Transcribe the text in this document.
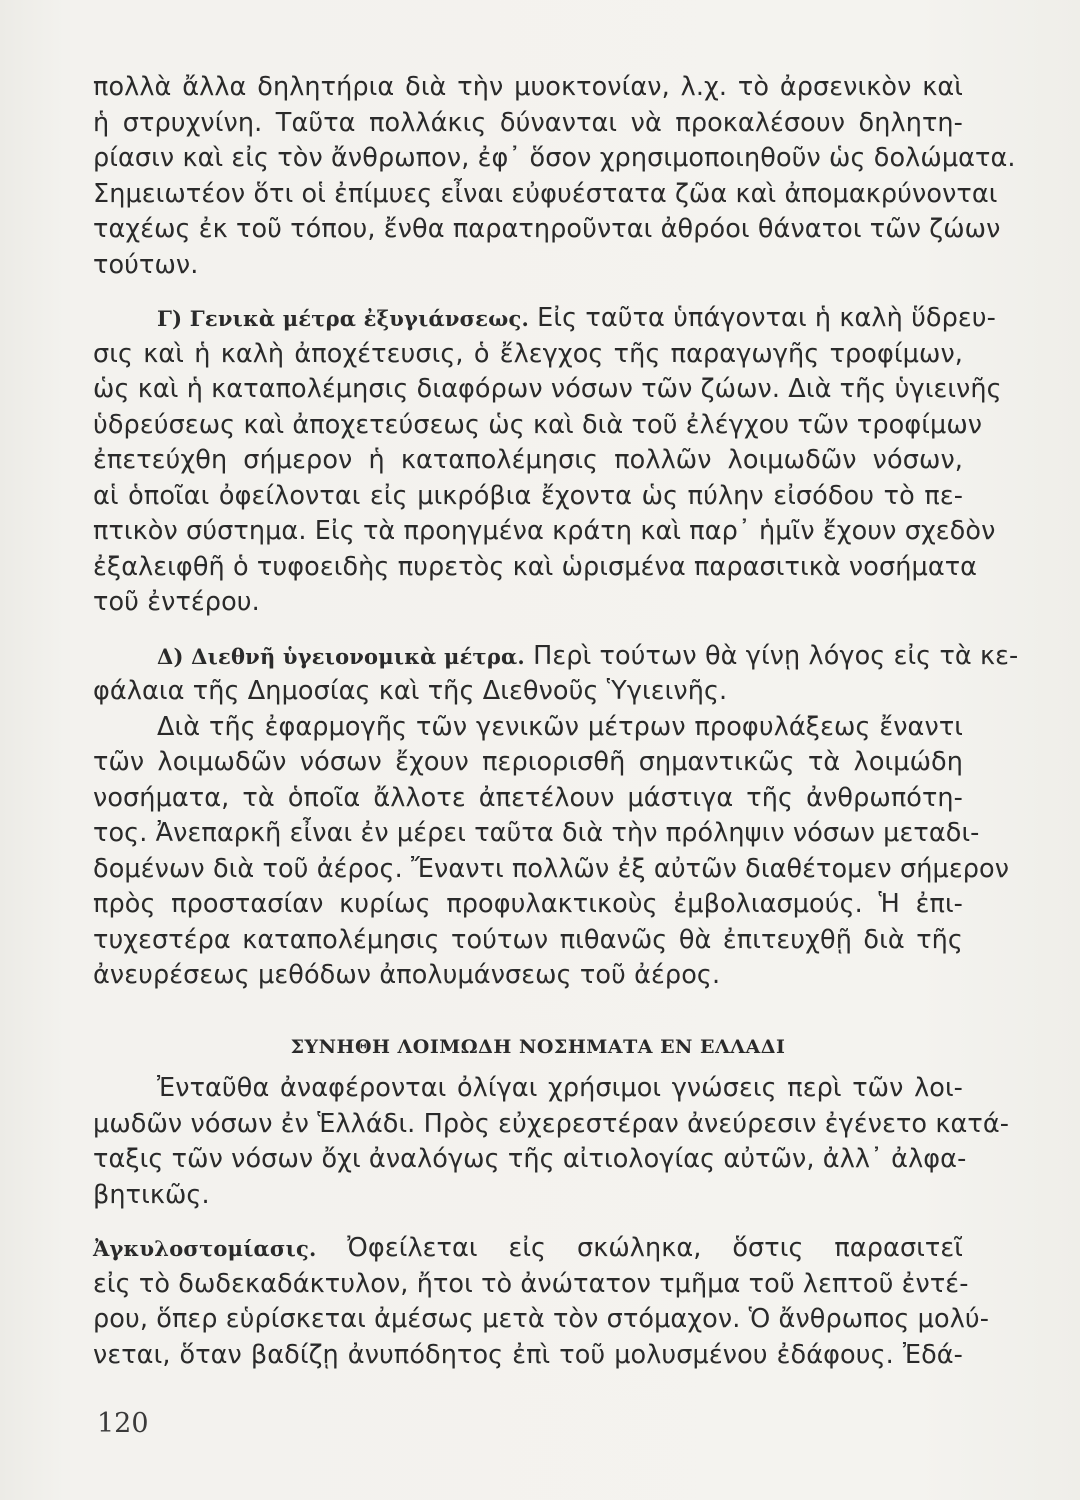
πολλὰ ἄλλα δηλητήρια διὰ τὴν μυοκτονίαν, λ.χ. τὸ ἀρσενικὸν καὶ
ἡ στρυχνίνη. Ταῦτα πολλάκις δύνανται νὰ προκαλέσουν δηλητη-
ρίασιν καὶ εἰς τὸν ἄνθρωπον, ἐφ᾽ ὅσον χρησιμοποιηθοῦν ὡς δολώματα.
Σημειωτέον ὅτι οἱ ἐπίμυες εἶναι εὐφυέστατα ζῶα καὶ ἀπομακρύνονται
ταχέως ἐκ τοῦ τόπου, ἔνθα παρατηροῦνται ἀθρόοι θάνατοι τῶν ζώων
τούτων.
Γ) Γενικὰ μέτρα ἐξυγιάνσεως. Εἰς ταῦτα ὑπάγονται ἡ καλὴ ὕδρευ-
σις καὶ ἡ καλὴ ἀποχέτευσις, ὁ ἔλεγχος τῆς παραγωγῆς τροφίμων,
ὡς καὶ ἡ καταπολέμησις διαφόρων νόσων τῶν ζώων. Διὰ τῆς ὑγιεινῆς
ὑδρεύσεως καὶ ἀποχετεύσεως ὡς καὶ διὰ τοῦ ἐλέγχου τῶν τροφίμων
ἐπετεύχθη σήμερον ἡ καταπολέμησις πολλῶν λοιμωδῶν νόσων,
αἱ ὁποῖαι ὀφείλονται εἰς μικρόβια ἔχοντα ὡς πύλην εἰσόδου τὸ πε-
πτικὸν σύστημα. Εἰς τὰ προηγμένα κράτη καὶ παρ᾽ ἡμῖν ἔχουν σχεδὸν
ἐξαλειφθῆ ὁ τυφοειδὴς πυρετὸς καὶ ὡρισμένα παρασιτικὰ νοσήματα
τοῦ ἐντέρου.
Δ) Διεθνῆ ὑγειονομικὰ μέτρα. Περὶ τούτων θὰ γίνῃ λόγος εἰς τὰ κε-
φάλαια τῆς Δημοσίας καὶ τῆς Διεθνοῦς Ὑγιεινῆς.
Διὰ τῆς ἐφαρμογῆς τῶν γενικῶν μέτρων προφυλάξεως ἔναντι
τῶν λοιμωδῶν νόσων ἔχουν περιορισθῆ σημαντικῶς τὰ λοιμώδη
νοσήματα, τὰ ὁποῖα ἄλλοτε ἀπετέλουν μάστιγα τῆς ἀνθρωπότη-
τος. Ἀνεπαρκῆ εἶναι ἐν μέρει ταῦτα διὰ τὴν πρόληψιν νόσων μεταδι-
δομένων διὰ τοῦ ἀέρος. Ἔναντι πολλῶν ἐξ αὐτῶν διαθέτομεν σήμερον
πρὸς προστασίαν κυρίως προφυλακτικοὺς ἐμβολιασμούς. Ἡ ἐπι-
τυχεστέρα καταπολέμησις τούτων πιθανῶς θὰ ἐπιτευχθῇ διὰ τῆς
ἀνευρέσεως μεθόδων ἀπολυμάνσεως τοῦ ἀέρος.
ΣΥΝΗΘΗ ΛΟΙΜΩΔΗ ΝΟΣΗΜΑΤΑ ΕΝ ΕΛΛΑΔΙ
Ἐνταῦθα ἀναφέρονται ὀλίγαι χρήσιμοι γνώσεις περὶ τῶν λοι-
μωδῶν νόσων ἐν Ἑλλάδι. Πρὸς εὐχερεστέραν ἀνεύρεσιν ἐγένετο κατά-
ταξις τῶν νόσων ὄχι ἀναλόγως τῆς αἰτιολογίας αὐτῶν, ἀλλ᾽ ἀλφα-
βητικῶς.
Ἀγκυλοστομίασις. Ὀφείλεται εἰς σκώληκα, ὅστις παρασιτεῖ
εἰς τὸ δωδεκαδάκτυλον, ἤτοι τὸ ἀνώτατον τμῆμα τοῦ λεπτοῦ ἐντέ-
ρου, ὅπερ εὑρίσκεται ἀμέσως μετὰ τὸν στόμαχον. Ὁ ἄνθρωπος μολύ-
νεται, ὅταν βαδίζῃ ἀνυπόδητος ἐπὶ τοῦ μολυσμένου ἐδάφους. Ἐδά-
120
